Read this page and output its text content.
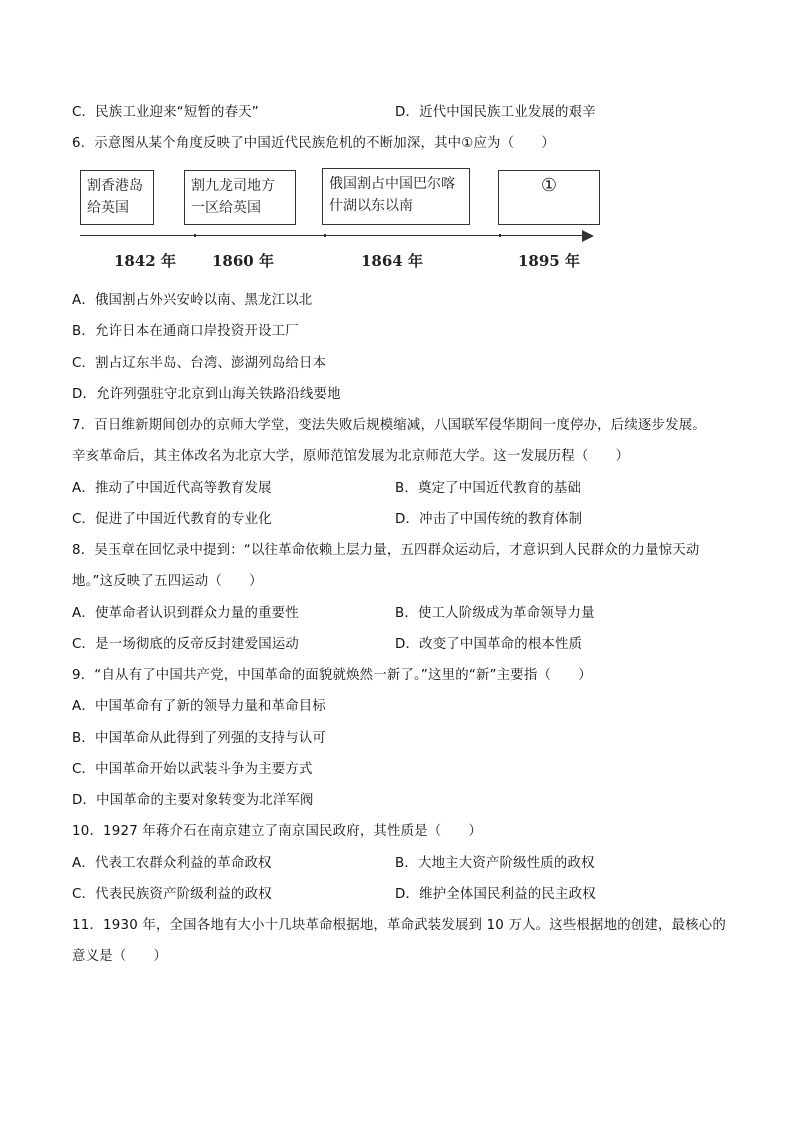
C．民族工业迎来“短暂的春天”	D．近代中国民族工业发展的艰辛
6．示意图从某个角度反映了中国近代民族危机的不断加深，其中①应为（　　）
割香港岛
给英国
割九龙司地方
一区给英国
俄国割占中国巴尔喀
什湖以东以南
①
1842 年 1860 年	1864 年	1895 年
A．俄国割占外兴安岭以南、黑龙江以北
B．允许日本在通商口岸投资开设工厂
C．割占辽东半岛、台湾、澎湖列岛给日本
D．允许列强驻守北京到山海关铁路沿线要地
7．百日维新期间创办的京师大学堂，变法失败后规模缩减，八国联军侵华期间一度停办，后续逐步发展。
辛亥革命后，其主体改名为北京大学，原师范馆发展为北京师范大学。这一发展历程（　　）
A．推动了中国近代高等教育发展	B．奠定了中国近代教育的基础
C．促进了中国近代教育的专业化	D．冲击了中国传统的教育体制
8．吴玉章在回忆录中提到：“以往革命依赖上层力量，五四群众运动后，才意识到人民群众的力量惊天动
地。”这反映了五四运动（　　）
A．使革命者认识到群众力量的重要性	B．使工人阶级成为革命领导力量
C．是一场彻底的反帝反封建爱国运动	D．改变了中国革命的根本性质
9．“自从有了中国共产党，中国革命的面貌就焕然一新了。”这里的“新”主要指（　　）
A．中国革命有了新的领导力量和革命目标
B．中国革命从此得到了列强的支持与认可
C．中国革命开始以武装斗争为主要方式
D．中国革命的主要对象转变为北洋军阀
10．1927 年蒋介石在南京建立了南京国民政府，其性质是（　　）
A．代表工农群众利益的革命政权	B．大地主大资产阶级性质的政权
C．代表民族资产阶级利益的政权	D．维护全体国民利益的民主政权
11．1930 年，全国各地有大小十几块革命根据地，革命武装发展到 10 万人。这些根据地的创建，最核心的
意义是（　　）
